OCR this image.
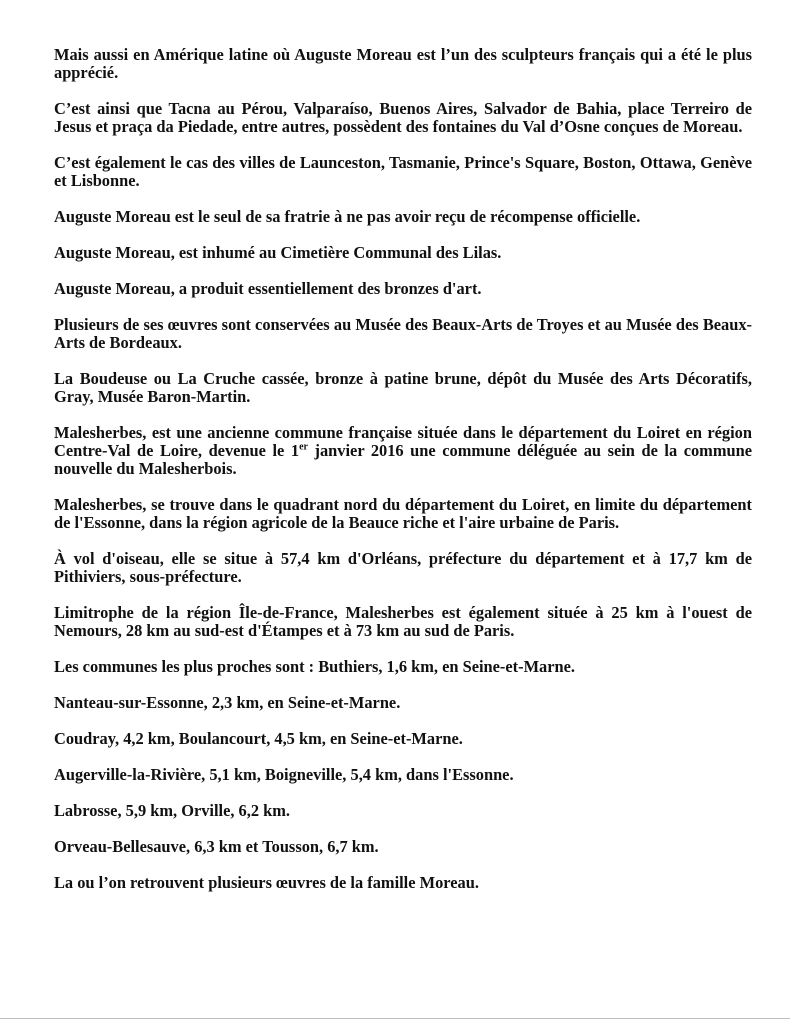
Mais aussi en Amérique latine où Auguste Moreau est l’un des sculpteurs français qui a été le plus apprécié.

C’est ainsi que Tacna au Pérou, Valparaíso, Buenos Aires, Salvador de Bahia, place Terreiro de Jesus et praça da Piedade, entre autres, possèdent des fontaines du Val d’Osne conçues de Moreau.

C’est également le cas des villes de Launceston, Tasmanie, Prince's Square, Boston, Ottawa, Genève et Lisbonne.

Auguste Moreau est le seul de sa fratrie à ne pas avoir reçu de récompense officielle.

Auguste Moreau, est inhumé au Cimetière Communal des Lilas.

Auguste Moreau, a produit essentiellement des bronzes d'art.

Plusieurs de ses œuvres sont conservées au Musée des Beaux-Arts de Troyes et au Musée des Beaux-Arts de Bordeaux.

La Boudeuse ou La Cruche cassée, bronze à patine brune, dépôt du Musée des Arts Décoratifs, Gray, Musée Baron-Martin.

Malesherbes, est une ancienne commune française située dans le département du Loiret en région Centre-Val de Loire, devenue le 1er janvier 2016 une commune déléguée au sein de la commune nouvelle du Malesherbois.

Malesherbes, se trouve dans le quadrant nord du département du Loiret, en limite du département de l'Essonne, dans la région agricole de la Beauce riche et l'aire urbaine de Paris.

À vol d'oiseau, elle se situe à 57,4 km d'Orléans, préfecture du département et à 17,7 km de Pithiviers, sous-préfecture.

Limitrophe de la région Île-de-France, Malesherbes est également située à 25 km à l'ouest de Nemours, 28 km au sud-est d'Étampes et à 73 km au sud de Paris.

Les communes les plus proches sont : Buthiers, 1,6 km, en Seine-et-Marne.

Nanteau-sur-Essonne, 2,3 km, en Seine-et-Marne.

Coudray, 4,2 km, Boulancourt, 4,5 km, en Seine-et-Marne.

Augerville-la-Rivière, 5,1 km, Boigneville, 5,4 km, dans l'Essonne.

Labrosse, 5,9 km, Orville, 6,2 km.

Orveau-Bellesauve, 6,3 km et Tousson, 6,7 km.

La ou l’on retrouvent plusieurs œuvres de la famille Moreau.
